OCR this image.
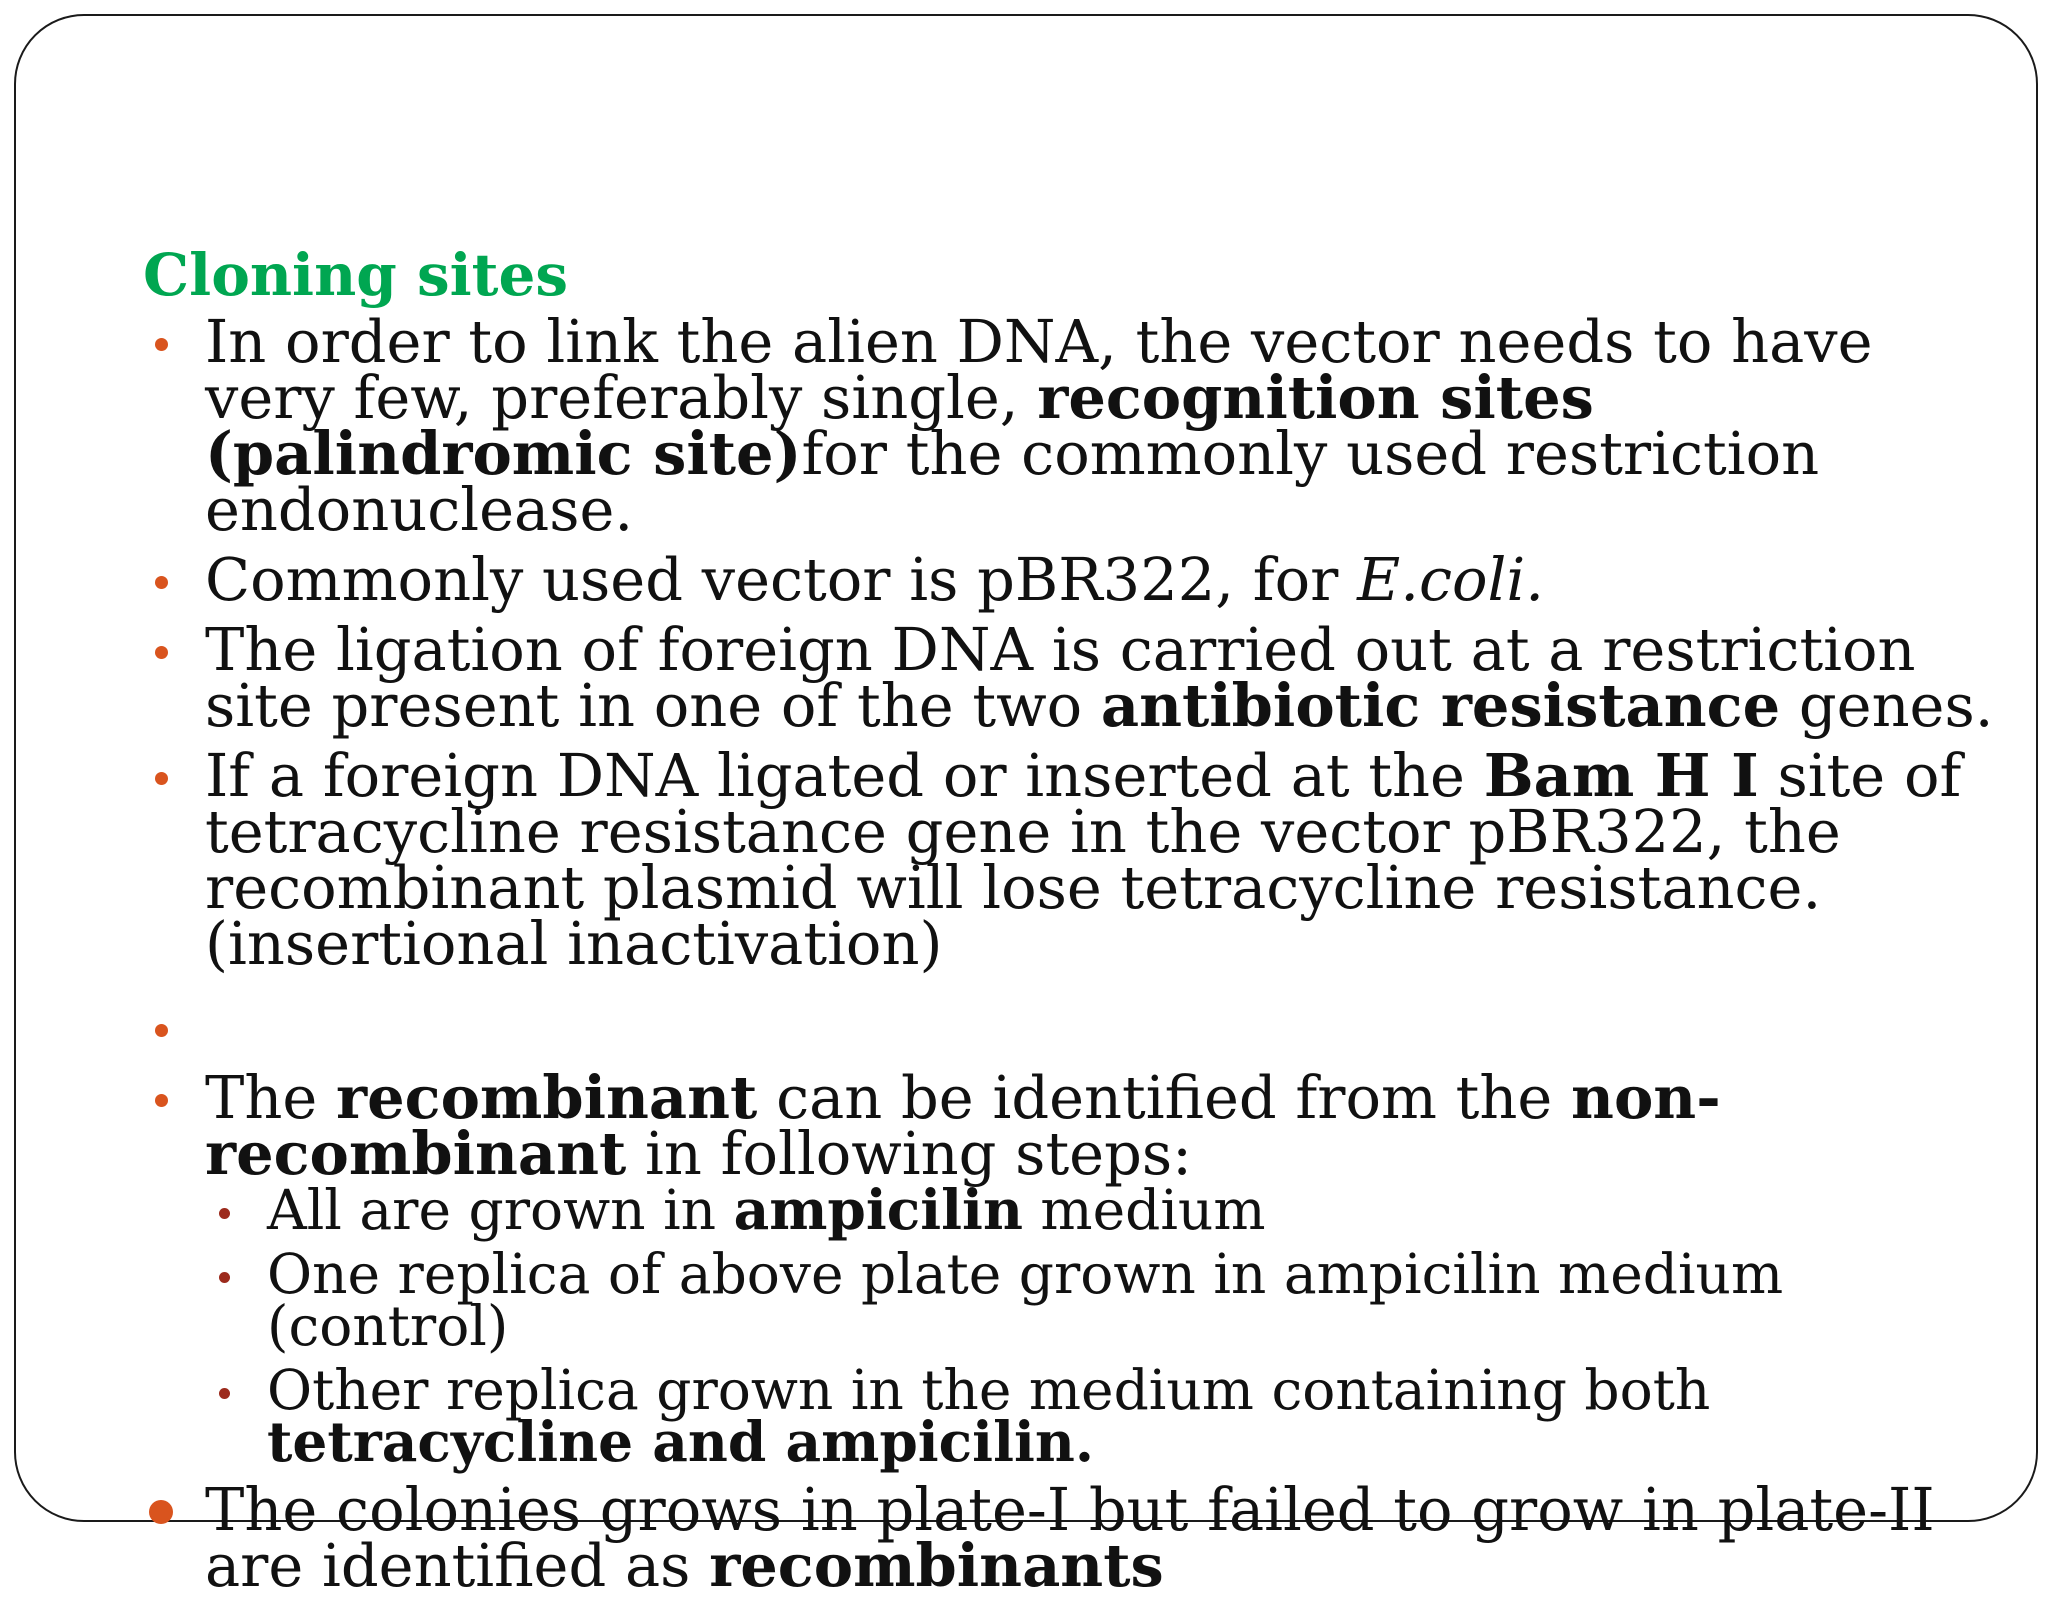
Cloning sites
In order to link the alien DNA, the vector needs to have very few, preferably single, recognition sites (palindromic site)for the commonly used restriction endonuclease.
Commonly used vector is pBR322, for E.coli.
The ligation of foreign DNA is carried out at a restriction site present in one of the two antibiotic resistance genes.
If a foreign DNA ligated or inserted at the Bam H I site of tetracycline resistance gene in the vector pBR322, the recombinant plasmid will lose tetracycline resistance. (insertional inactivation)
The recombinant can be identified from the non-recombinant in following steps:
All are grown in ampicilin medium
One replica of above plate grown in ampicilin medium (control)
Other replica grown in the medium containing both tetracycline and ampicilin.
The colonies grows in plate-I but failed to grow in plate-II are identified as recombinants
